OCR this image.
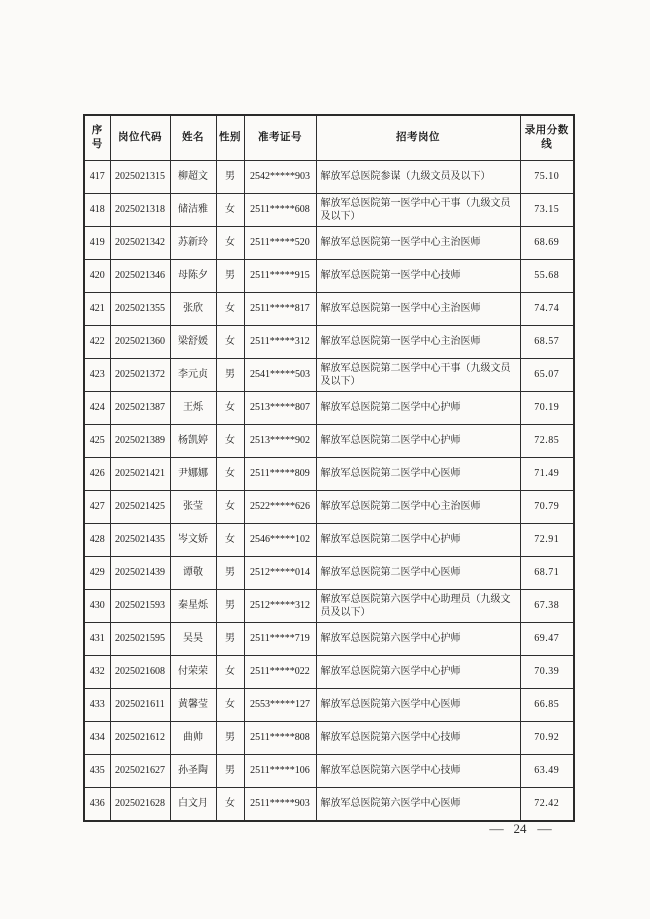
序号	岗位代码	姓名	性别	准考证号	招考岗位	录用分数线
417	2025021315	柳超文	男	2542*****903	解放军总医院参谋（九级文员及以下）	75.10
418	2025021318	储洁雅	女	2511*****608	解放军总医院第一医学中心干事（九级文员及以下）	73.15
419	2025021342	苏新玲	女	2511*****520	解放军总医院第一医学中心主治医师	68.69
420	2025021346	母陈夕	男	2511*****915	解放军总医院第一医学中心技师	55.68
421	2025021355	张欣	女	2511*****817	解放军总医院第一医学中心主治医师	74.74
422	2025021360	梁舒媛	女	2511*****312	解放军总医院第一医学中心主治医师	68.57
423	2025021372	李元贞	男	2541*****503	解放军总医院第二医学中心干事（九级文员及以下）	65.07
424	2025021387	王烁	女	2513*****807	解放军总医院第二医学中心护师	70.19
425	2025021389	杨凯婷	女	2513*****902	解放军总医院第二医学中心护师	72.85
426	2025021421	尹娜娜	女	2511*****809	解放军总医院第二医学中心医师	71.49
427	2025021425	张莹	女	2522*****626	解放军总医院第二医学中心主治医师	70.79
428	2025021435	岑文娇	女	2546*****102	解放军总医院第二医学中心护师	72.91
429	2025021439	谭敬	男	2512*****014	解放军总医院第二医学中心医师	68.71
430	2025021593	秦星烁	男	2512*****312	解放军总医院第六医学中心助理员（九级文员及以下）	67.38
431	2025021595	吴昊	男	2511*****719	解放军总医院第六医学中心护师	69.47
432	2025021608	付荣荣	女	2511*****022	解放军总医院第六医学中心护师	70.39
433	2025021611	黄馨莹	女	2553*****127	解放军总医院第六医学中心医师	66.85
434	2025021612	曲帅	男	2511*****808	解放军总医院第六医学中心技师	70.92
435	2025021627	孙圣陶	男	2511*****106	解放军总医院第六医学中心技师	63.49
436	2025021628	白文月	女	2511*****903	解放军总医院第六医学中心医师	72.42
— 24 —
